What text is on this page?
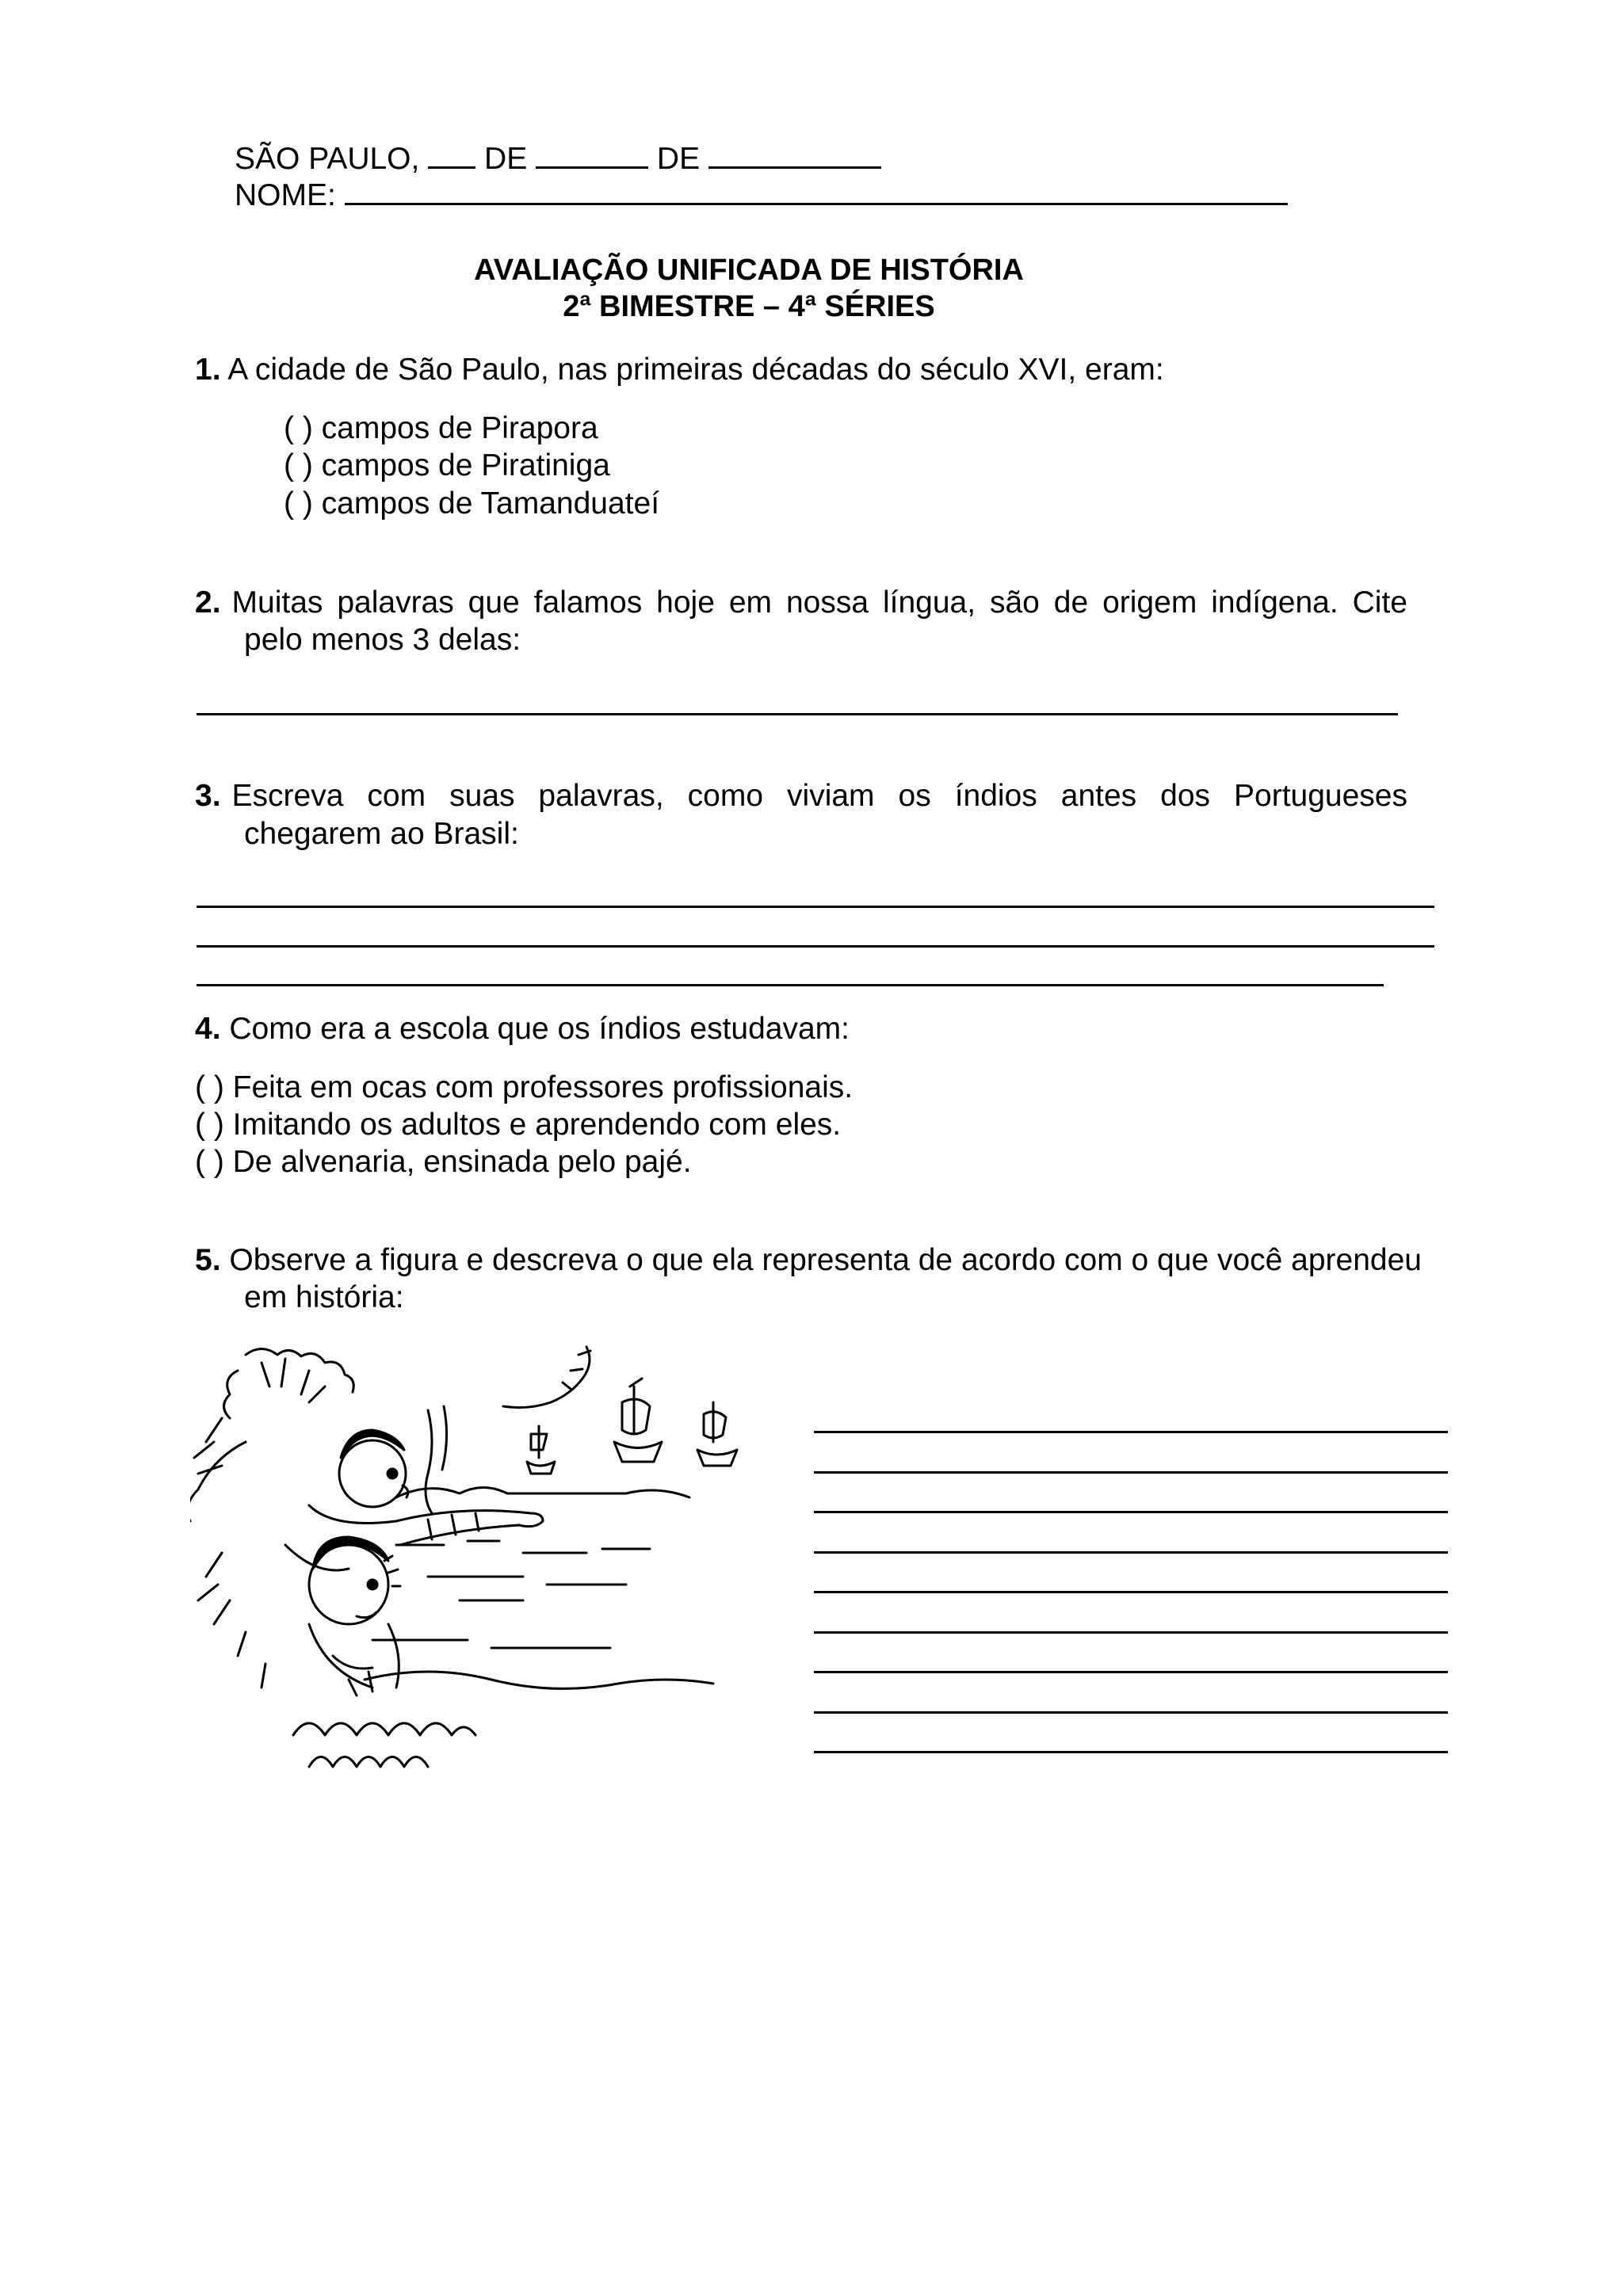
SÃO PAULO, DE	DE
NOME:
AVALIAÇÃO UNIFICADA DE HISTÓRIA
2ª BIMESTRE – 4ª SÉRIES
1. A cidade de São Paulo, nas primeiras décadas do século XVI, eram:
( ) campos de Pirapora
( ) campos de Piratiniga
( ) campos de Tamanduateí
2. Muitas palavras que falamos hoje em nossa língua, são de origem indígena. Cite
pelo menos 3 delas:
3. Escreva com suas palavras, como viviam os índios antes dos Portugueses
chegarem ao Brasil:
4. Como era a escola que os índios estudavam:
( ) Feita em ocas com professores profissionais.
( ) Imitando os adultos e aprendendo com eles.
( ) De alvenaria, ensinada pelo pajé.
5. Observe a figura e descreva o que ela representa de acordo com o que você aprendeu
em história:
